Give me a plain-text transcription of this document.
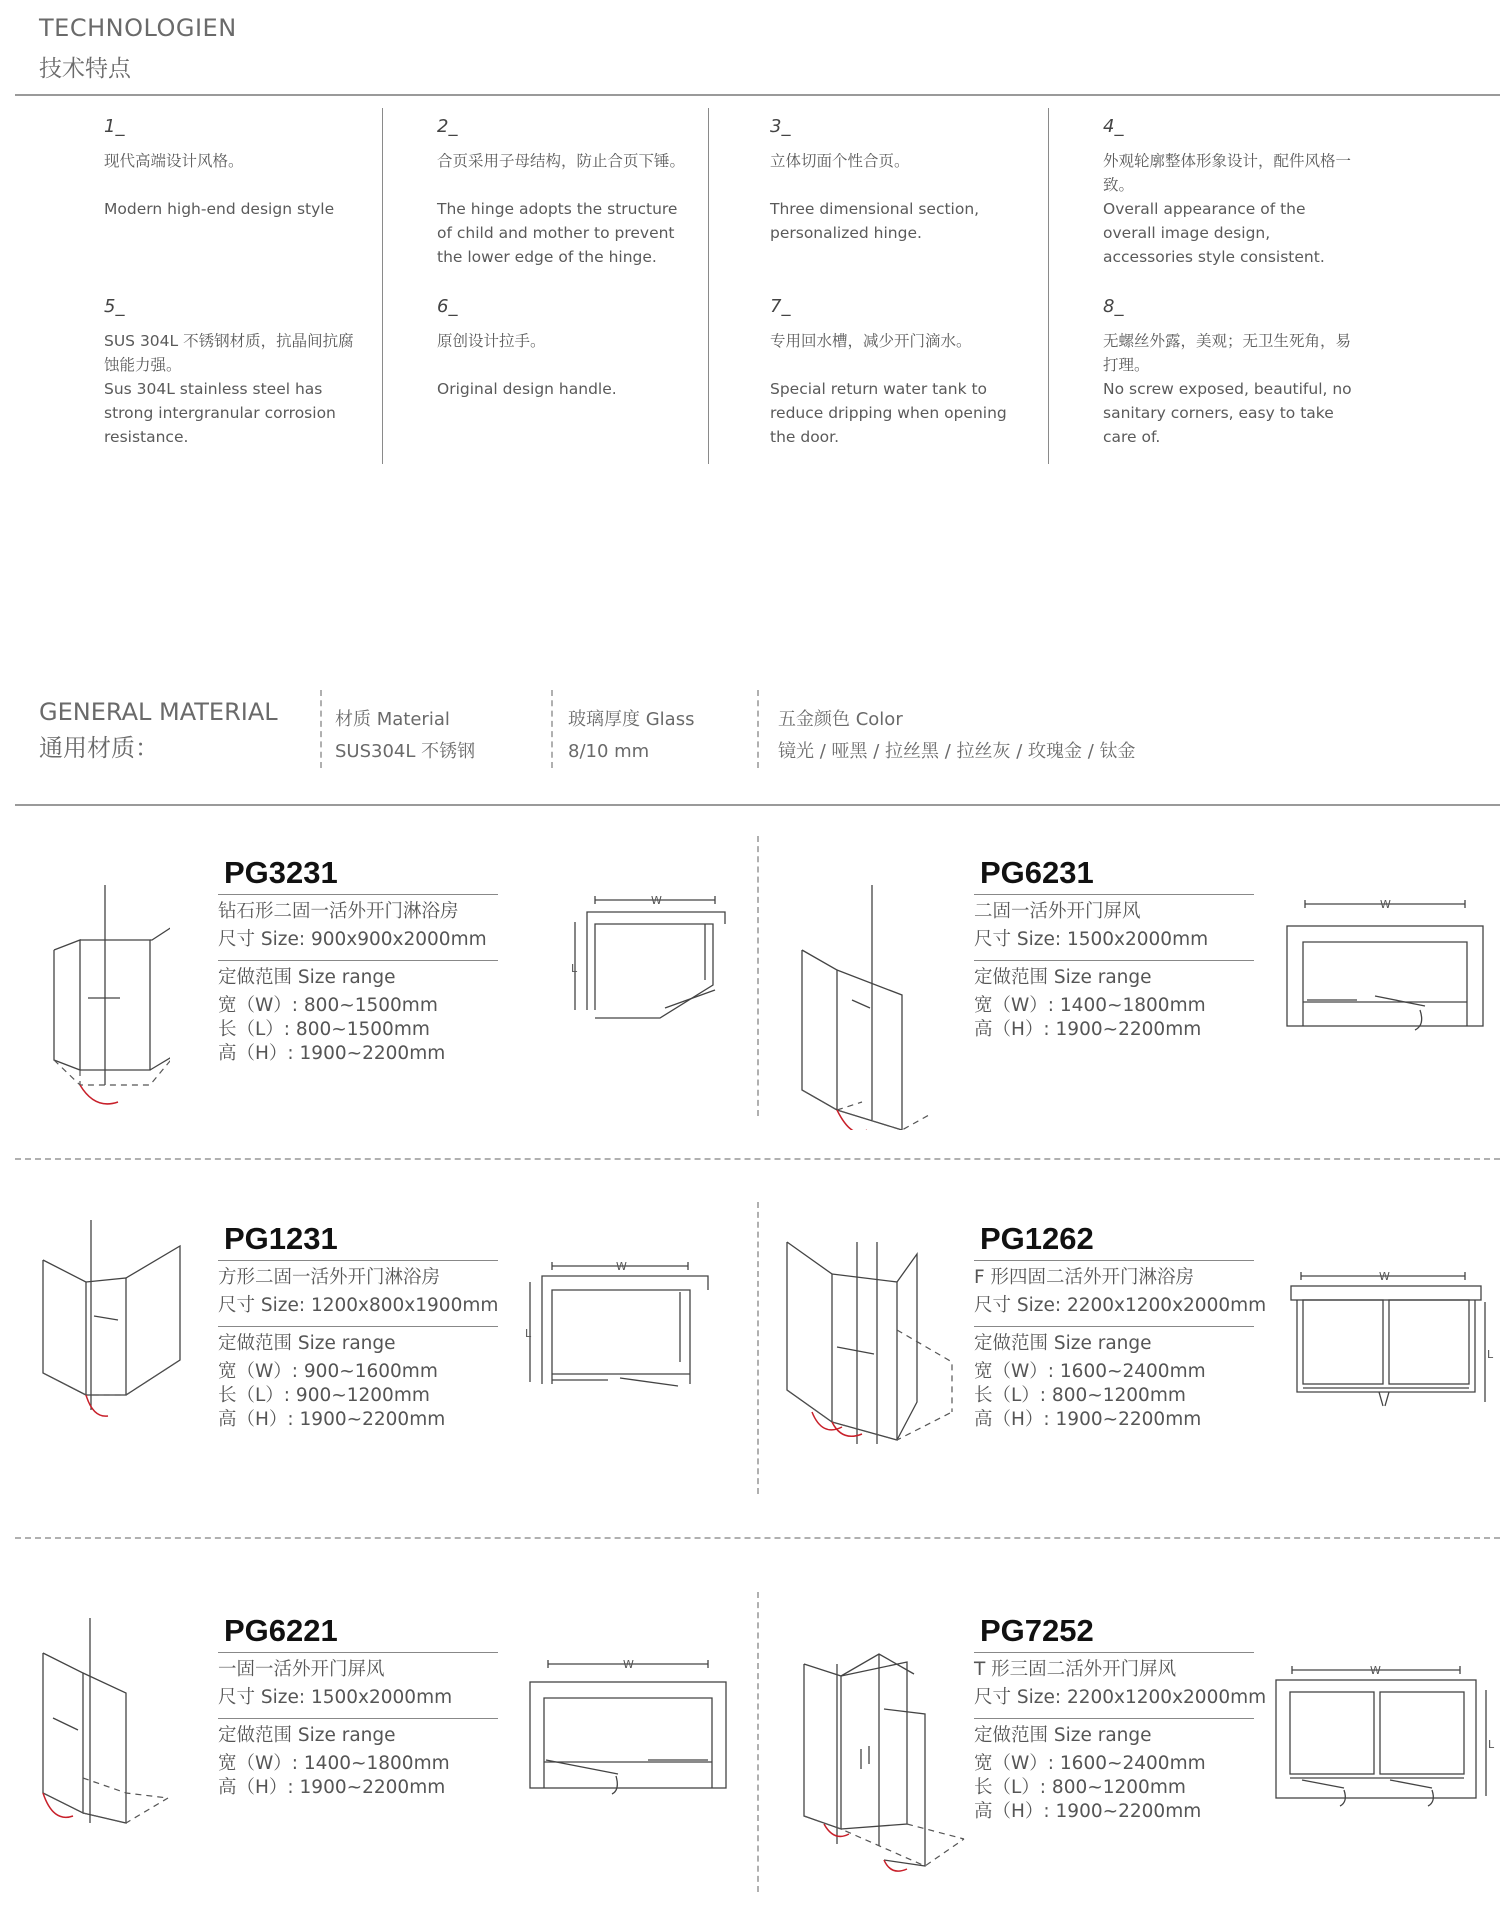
TECHNOLOGIEN
技术特点
1_
现代高端设计风格。
Modern high-end design style
2_
合页采用子母结构，防止合页下锤。
The hinge adopts the structure of child and mother to prevent the lower edge of the hinge.
3_
立体切面个性合页。
Three dimensional section, personalized hinge.
4_
外观轮廓整体形象设计，配件风格一致。
Overall appearance of the overall image design, accessories style consistent.
5_
SUS 304L 不锈钢材质，抗晶间抗腐蚀能力强。
Sus 304L stainless steel has strong intergranular corrosion resistance.
6_
原创设计拉手。
Original design handle.
7_
专用回水槽，减少开门滴水。
Special return water tank to reduce dripping when opening the door.
8_
无螺丝外露，美观；无卫生死角，易打理。
No screw exposed, beautiful, no sanitary corners, easy to take care of.
GENERAL MATERIAL
通用材质：
材质 Material
SUS304L 不锈钢
玻璃厚度 Glass
8/10 mm
五金颜色 Color
镜光 / 哑黑 / 拉丝黑 / 拉丝灰 / 玫瑰金 / 钛金
PG3231
钻石形二固一活外开门淋浴房
尺寸 Size: 900x900x2000mm
定做范围 Size range
宽（W）: 800~1500mm
长（L）: 800~1500mm
高（H）: 1900~2200mm
W
L
PG6231
二固一活外开门屏风
尺寸 Size: 1500x2000mm
定做范围 Size range
宽（W）: 1400~1800mm
高（H）: 1900~2200mm
W
PG1231
方形二固一活外开门淋浴房
尺寸 Size: 1200x800x1900mm
定做范围 Size range
宽（W）: 900~1600mm
长（L）: 900~1200mm
高（H）: 1900~2200mm
W
L
PG1262
F 形四固二活外开门淋浴房
尺寸 Size: 2200x1200x2000mm
定做范围 Size range
宽（W）: 1600~2400mm
长（L）: 800~1200mm
高（H）: 1900~2200mm
W
L
PG6221
一固一活外开门屏风
尺寸 Size: 1500x2000mm
定做范围 Size range
宽（W）: 1400~1800mm
高（H）: 1900~2200mm
W
PG7252
T 形三固二活外开门屏风
尺寸 Size: 2200x1200x2000mm
定做范围 Size range
宽（W）: 1600~2400mm
长（L）: 800~1200mm
高（H）: 1900~2200mm
W
L
